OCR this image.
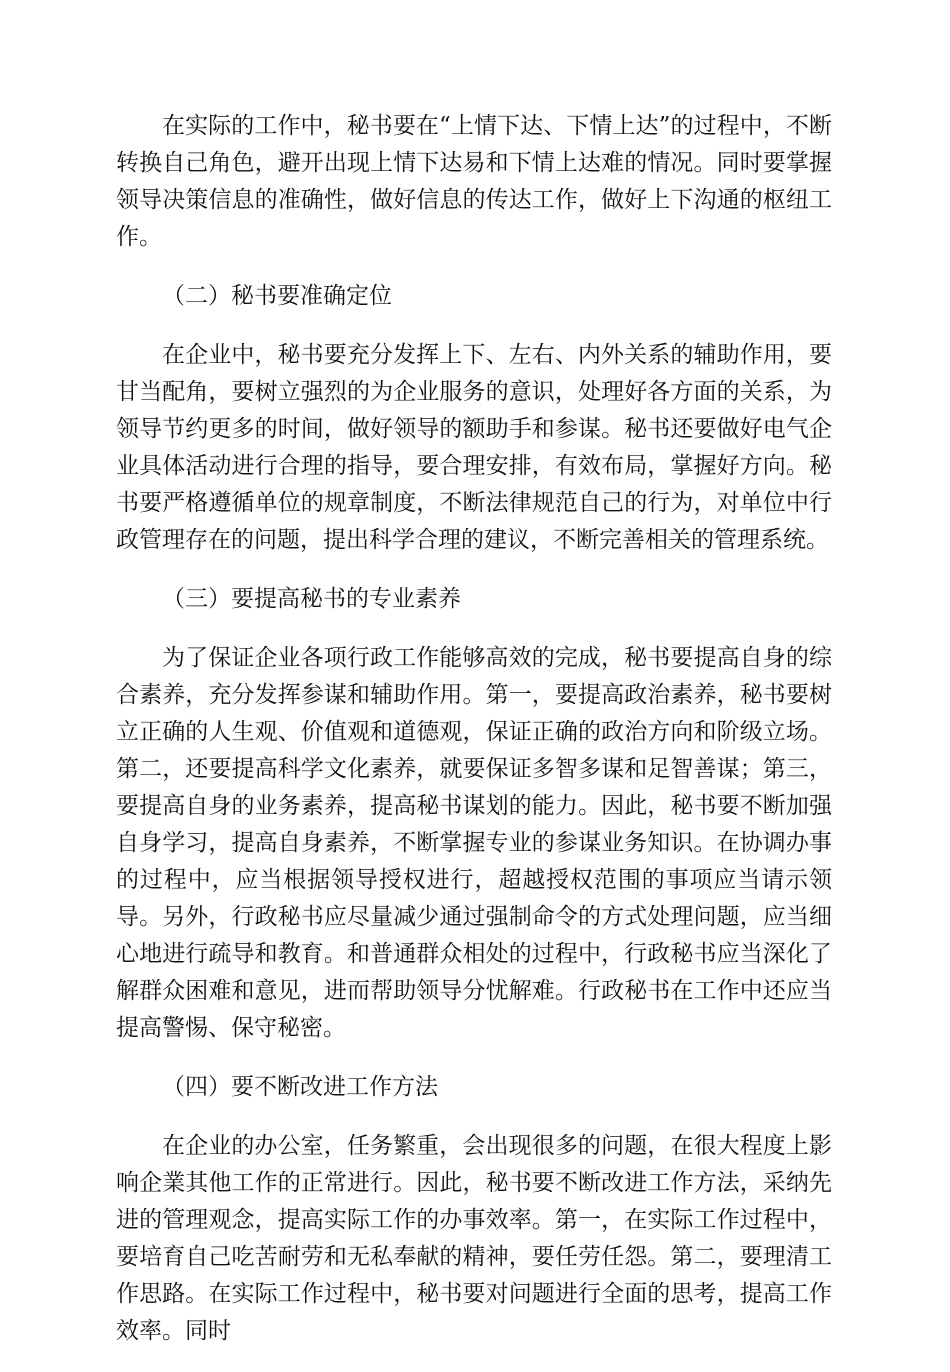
在实际的工作中，秘书要在“上情下达、下情上达”的过程中，不断转换自己角色，避开出现上情下达易和下情上达难的情况。同时要掌握领导决策信息的准确性，做好信息的传达工作，做好上下沟通的枢纽工作。

（二）秘书要准确定位

在企业中，秘书要充分发挥上下、左右、内外关系的辅助作用，要甘当配角，要树立强烈的为企业服务的意识，处理好各方面的关系，为领导节约更多的时间，做好领导的额助手和参谋。秘书还要做好电气企业具体活动进行合理的指导，要合理安排，有效布局，掌握好方向。秘书要严格遵循单位的规章制度，不断法律规范自己的行为，对单位中行政管理存在的问题，提出科学合理的建议，不断完善相关的管理系统。

（三）要提高秘书的专业素养

为了保证企业各项行政工作能够高效的完成，秘书要提高自身的综合素养，充分发挥参谋和辅助作用。第一，要提高政治素养，秘书要树立正确的人生观、价值观和道德观，保证正确的政治方向和阶级立场。第二，还要提高科学文化素养，就要保证多智多谋和足智善谋；第三，要提高自身的业务素养，提高秘书谋划的能力。因此，秘书要不断加强自身学习，提高自身素养，不断掌握专业的参谋业务知识。在协调办事的过程中，应当根据领导授权进行，超越授权范围的事项应当请示领导。另外，行政秘书应尽量减少通过强制命令的方式处理问题，应当细心地进行疏导和教育。和普通群众相处的过程中，行政秘书应当深化了解群众困难和意见，进而帮助领导分忧解难。行政秘书在工作中还应当提高警惕、保守秘密。

（四）要不断改进工作方法

在企业的办公室，任务繁重，会出现很多的问题，在很大程度上影响企業其他工作的正常进行。因此，秘书要不断改进工作方法，采纳先进的管理观念，提高实际工作的办事效率。第一，在实际工作过程中，要培育自己吃苦耐劳和无私奉献的精神，要任劳任怨。第二，要理清工作思路。在实际工作过程中，秘书要对问题进行全面的思考，提高工作效率。同时
